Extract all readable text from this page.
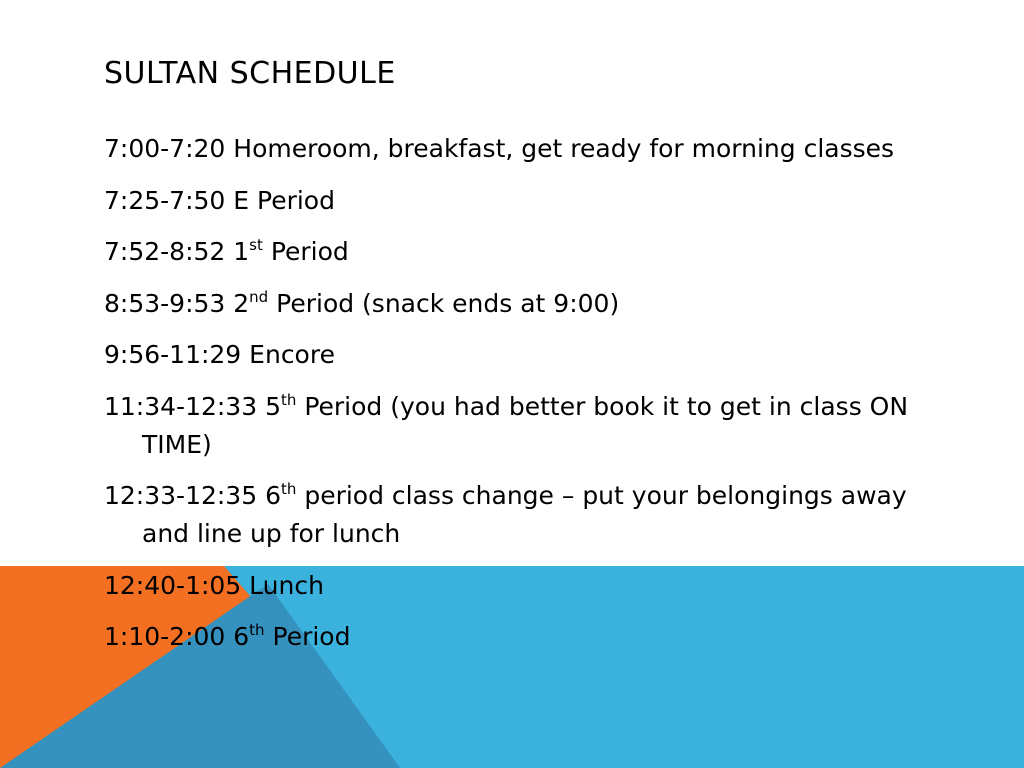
SULTAN SCHEDULE
7:00-7:20 Homeroom, breakfast, get ready for morning classes
7:25-7:50 E Period
7:52-8:52 1st Period
8:53-9:53 2nd Period (snack ends at 9:00)
9:56-11:29 Encore
11:34-12:33 5th Period (you had better book it to get in class ON TIME)
12:33-12:35 6th period class change – put your belongings away and line up for lunch
12:40-1:05 Lunch
1:10-2:00 6th Period
